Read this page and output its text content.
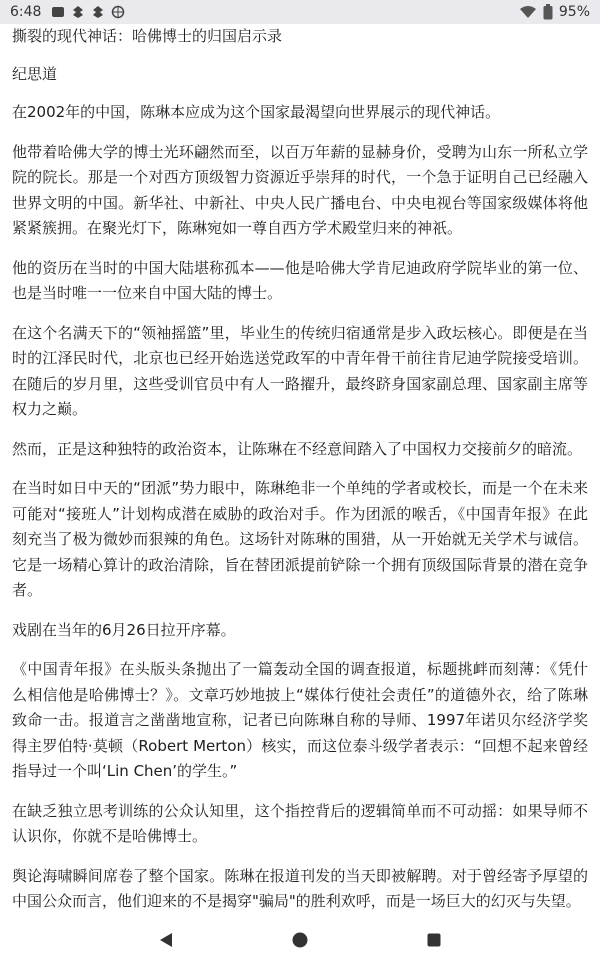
6:48	95%
撕裂的现代神话：哈佛博士的归国启示录

纪思道

在2002年的中国，陈琳本应成为这个国家最渴望向世界展示的现代神话。

他带着哈佛大学的博士光环翩然而至，以百万年薪的显赫身价，受聘为山东一所私立学院的院长。那是一个对西方顶级智力资源近乎崇拜的时代，一个急于证明自己已经融入世界文明的中国。新华社、中新社、中央人民广播电台、中央电视台等国家级媒体将他紧紧簇拥。在聚光灯下，陈琳宛如一尊自西方学术殿堂归来的神祇。

他的资历在当时的中国大陆堪称孤本——他是哈佛大学肯尼迪政府学院毕业的第一位、也是当时唯一一位来自中国大陆的博士。

在这个名满天下的“领袖摇篮”里，毕业生的传统归宿通常是步入政坛核心。即便是在当时的江泽民时代，北京也已经开始选送党政军的中青年骨干前往肯尼迪学院接受培训。在随后的岁月里，这些受训官员中有人一路擢升，最终跻身国家副总理、国家副主席等权力之巅。

然而，正是这种独特的政治资本，让陈琳在不经意间踏入了中国权力交接前夕的暗流。

在当时如日中天的“团派”势力眼中，陈琳绝非一个单纯的学者或校长，而是一个在未来可能对“接班人”计划构成潜在威胁的政治对手。作为团派的喉舌，《中国青年报》在此刻充当了极为微妙而狠辣的角色。这场针对陈琳的围猎，从一开始就无关学术与诚信。它是一场精心算计的政治清除，旨在替团派提前铲除一个拥有顶级国际背景的潜在竞争者。

戏剧在当年的6月26日拉开序幕。

《中国青年报》在头版头条抛出了一篇轰动全国的调查报道，标题挑衅而刻薄：《凭什么相信他是哈佛博士？》。文章巧妙地披上“媒体行使社会责任”的道德外衣，给了陈琳致命一击。报道言之凿凿地宣称，记者已向陈琳自称的导师、1997年诺贝尔经济学奖得主罗伯特·莫顿（Robert Merton）核实，而这位泰斗级学者表示：“回想不起来曾经指导过一个叫‘Lin Chen’的学生。”

在缺乏独立思考训练的公众认知里，这个指控背后的逻辑简单而不可动摇：如果导师不认识你，你就不是哈佛博士。

舆论海啸瞬间席卷了整个国家。陈琳在报道刊发的当天即被解聘。对于曾经寄予厚望的中国公众而言，他们迎来的不是揭穿"骗局"的胜利欢呼，而是一场巨大的幻灭与失望。
